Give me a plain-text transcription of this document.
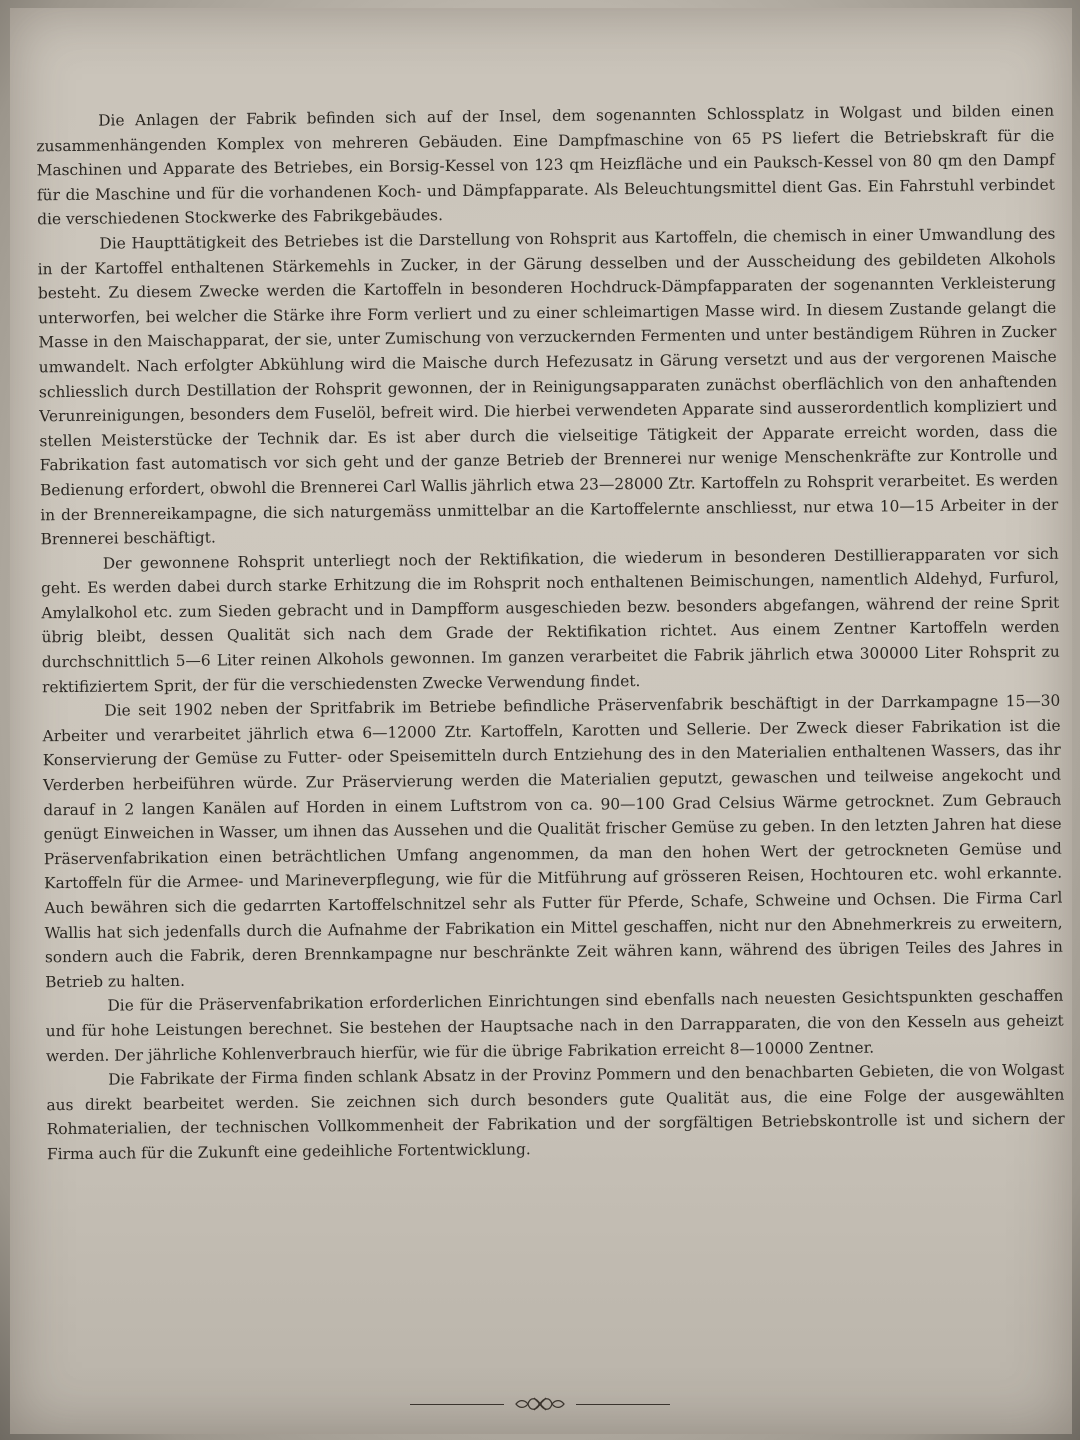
Die Anlagen der Fabrik befinden sich auf der Insel, dem sogenannten Schlossplatz in Wolgast und bilden einen zusammenhängenden Komplex von mehreren Gebäuden. Eine Dampfmaschine von 65 PS liefert die Betriebskraft für die Maschinen und Apparate des Betriebes, ein Borsig-Kessel von 123 qm Heizfläche und ein Pauksch-Kessel von 80 qm den Dampf für die Maschine und für die vorhandenen Koch- und Dämpfapparate. Als Beleuchtungsmittel dient Gas. Ein Fahrstuhl verbindet die verschiedenen Stockwerke des Fabrikgebäudes.

Die Haupttätigkeit des Betriebes ist die Darstellung von Rohsprit aus Kartoffeln, die chemisch in einer Umwandlung des in der Kartoffel enthaltenen Stärkemehls in Zucker, in der Gärung desselben und der Ausscheidung des gebildeten Alkohols besteht. Zu diesem Zwecke werden die Kartoffeln in besonderen Hochdruck-Dämpfapparaten der sogenannten Verkleisterung unterworfen, bei welcher die Stärke ihre Form verliert und zu einer schleimartigen Masse wird. In diesem Zustande gelangt die Masse in den Maischapparat, der sie, unter Zumischung von verzuckernden Fermenten und unter beständigem Rühren in Zucker umwandelt. Nach erfolgter Abkühlung wird die Maische durch Hefezusatz in Gärung versetzt und aus der vergorenen Maische schliesslich durch Destillation der Rohsprit gewonnen, der in Reinigungsapparaten zunächst oberflächlich von den anhaftenden Verunreinigungen, besonders dem Fuselöl, befreit wird. Die hierbei verwendeten Apparate sind ausserordentlich kompliziert und stellen Meisterstücke der Technik dar. Es ist aber durch die vielseitige Tätigkeit der Apparate erreicht worden, dass die Fabrikation fast automatisch vor sich geht und der ganze Betrieb der Brennerei nur wenige Menschenkräfte zur Kontrolle und Bedienung erfordert, obwohl die Brennerei Carl Wallis jährlich etwa 23—28000 Ztr. Kartoffeln zu Rohsprit verarbeitet. Es werden in der Brennereikampagne, die sich naturgemäss unmittelbar an die Kartoffelernte anschliesst, nur etwa 10—15 Arbeiter in der Brennerei beschäftigt.

Der gewonnene Rohsprit unterliegt noch der Rektifikation, die wiederum in besonderen Destillierapparaten vor sich geht. Es werden dabei durch starke Erhitzung die im Rohsprit noch enthaltenen Beimischungen, namentlich Aldehyd, Furfurol, Amylalkohol etc. zum Sieden gebracht und in Dampfform ausgeschieden bezw. besonders abgefangen, während der reine Sprit übrig bleibt, dessen Qualität sich nach dem Grade der Rektifikation richtet. Aus einem Zentner Kartoffeln werden durchschnittlich 5—6 Liter reinen Alkohols gewonnen. Im ganzen verarbeitet die Fabrik jährlich etwa 300000 Liter Rohsprit zu rektifiziertem Sprit, der für die verschiedensten Zwecke Verwendung findet.

Die seit 1902 neben der Spritfabrik im Betriebe befindliche Präservenfabrik beschäftigt in der Darrkampagne 15—30 Arbeiter und verarbeitet jährlich etwa 6—12000 Ztr. Kartoffeln, Karotten und Sellerie. Der Zweck dieser Fabrikation ist die Konservierung der Gemüse zu Futter- oder Speisemitteln durch Entziehung des in den Materialien enthaltenen Wassers, das ihr Verderben herbeiführen würde. Zur Präservierung werden die Materialien geputzt, gewaschen und teilweise angekocht und darauf in 2 langen Kanälen auf Horden in einem Luftstrom von ca. 90—100 Grad Celsius Wärme getrocknet. Zum Gebrauch genügt Einweichen in Wasser, um ihnen das Aussehen und die Qualität frischer Gemüse zu geben. In den letzten Jahren hat diese Präservenfabrikation einen beträchtlichen Umfang angenommen, da man den hohen Wert der getrockneten Gemüse und Kartoffeln für die Armee- und Marineverpflegung, wie für die Mitführung auf grösseren Reisen, Hochtouren etc. wohl erkannte. Auch bewähren sich die gedarrten Kartoffelschnitzel sehr als Futter für Pferde, Schafe, Schweine und Ochsen. Die Firma Carl Wallis hat sich jedenfalls durch die Aufnahme der Fabrikation ein Mittel geschaffen, nicht nur den Abnehmerkreis zu erweitern, sondern auch die Fabrik, deren Brennkampagne nur beschränkte Zeit währen kann, während des übrigen Teiles des Jahres in Betrieb zu halten.

Die für die Präservenfabrikation erforderlichen Einrichtungen sind ebenfalls nach neuesten Gesichtspunkten geschaffen und für hohe Leistungen berechnet. Sie bestehen der Hauptsache nach in den Darrapparaten, die von den Kesseln aus geheizt werden. Der jährliche Kohlenverbrauch hierfür, wie für die übrige Fabrikation erreicht 8—10000 Zentner.

Die Fabrikate der Firma finden schlank Absatz in der Provinz Pommern und den benachbarten Gebieten, die von Wolgast aus direkt bearbeitet werden. Sie zeichnen sich durch besonders gute Qualität aus, die eine Folge der ausgewählten Rohmaterialien, der technischen Vollkommenheit der Fabrikation und der sorgfältigen Betriebskontrolle ist und sichern der Firma auch für die Zukunft eine gedeihliche Fortentwicklung.
